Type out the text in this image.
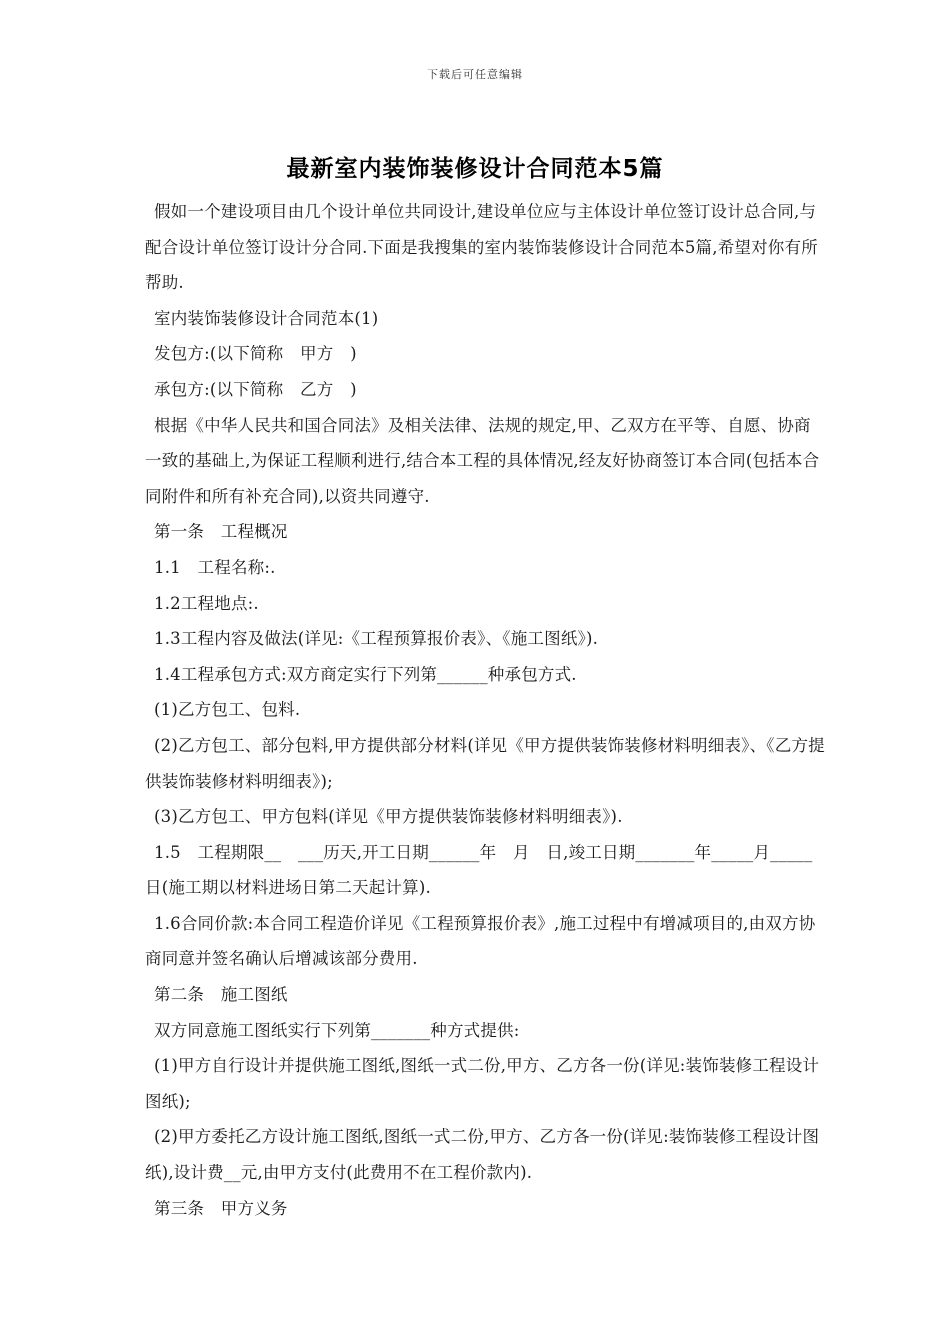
下载后可任意编辑
最新室内装饰装修设计合同范本5篇

假如一个建设项目由几个设计单位共同设计,建设单位应与主体设计单位签订设计总合同,与配合设计单位签订设计分合同.下面是我搜集的室内装饰装修设计合同范本5篇,希望对你有所帮助.

室内装饰装修设计合同范本(1)

发包方:(以下简称　甲方　)

承包方:(以下简称　乙方　)

根据《中华人民共和国合同法》及相关法律、法规的规定,甲、乙双方在平等、自愿、协商一致的基础上,为保证工程顺利进行,结合本工程的具体情况,经友好协商签订本合同(包括本合同附件和所有补充合同),以资共同遵守.

第一条　工程概况

1.1　工程名称:.

1.2工程地点:.

1.3工程内容及做法(详见:《工程预算报价表》、《施工图纸》).

1.4工程承包方式:双方商定实行下列第______种承包方式.

(1)乙方包工、包料.

(2)乙方包工、部分包料,甲方提供部分材料(详见《甲方提供装饰装修材料明细表》、《乙方提供装饰装修材料明细表》);

(3)乙方包工、甲方包料(详见《甲方提供装饰装修材料明细表》).

1.5　工程期限__　___历天,开工日期______年　月　日,竣工日期_______年_____月_____日(施工期以材料进场日第二天起计算).

1.6合同价款:本合同工程造价详见《工程预算报价表》,施工过程中有增减项目的,由双方协商同意并签名确认后增减该部分费用.

第二条　施工图纸

双方同意施工图纸实行下列第_______种方式提供:

(1)甲方自行设计并提供施工图纸,图纸一式二份,甲方、乙方各一份(详见:装饰装修工程设计图纸);

(2)甲方委托乙方设计施工图纸,图纸一式二份,甲方、乙方各一份(详见:装饰装修工程设计图纸),设计费__元,由甲方支付(此费用不在工程价款内).

第三条　甲方义务
